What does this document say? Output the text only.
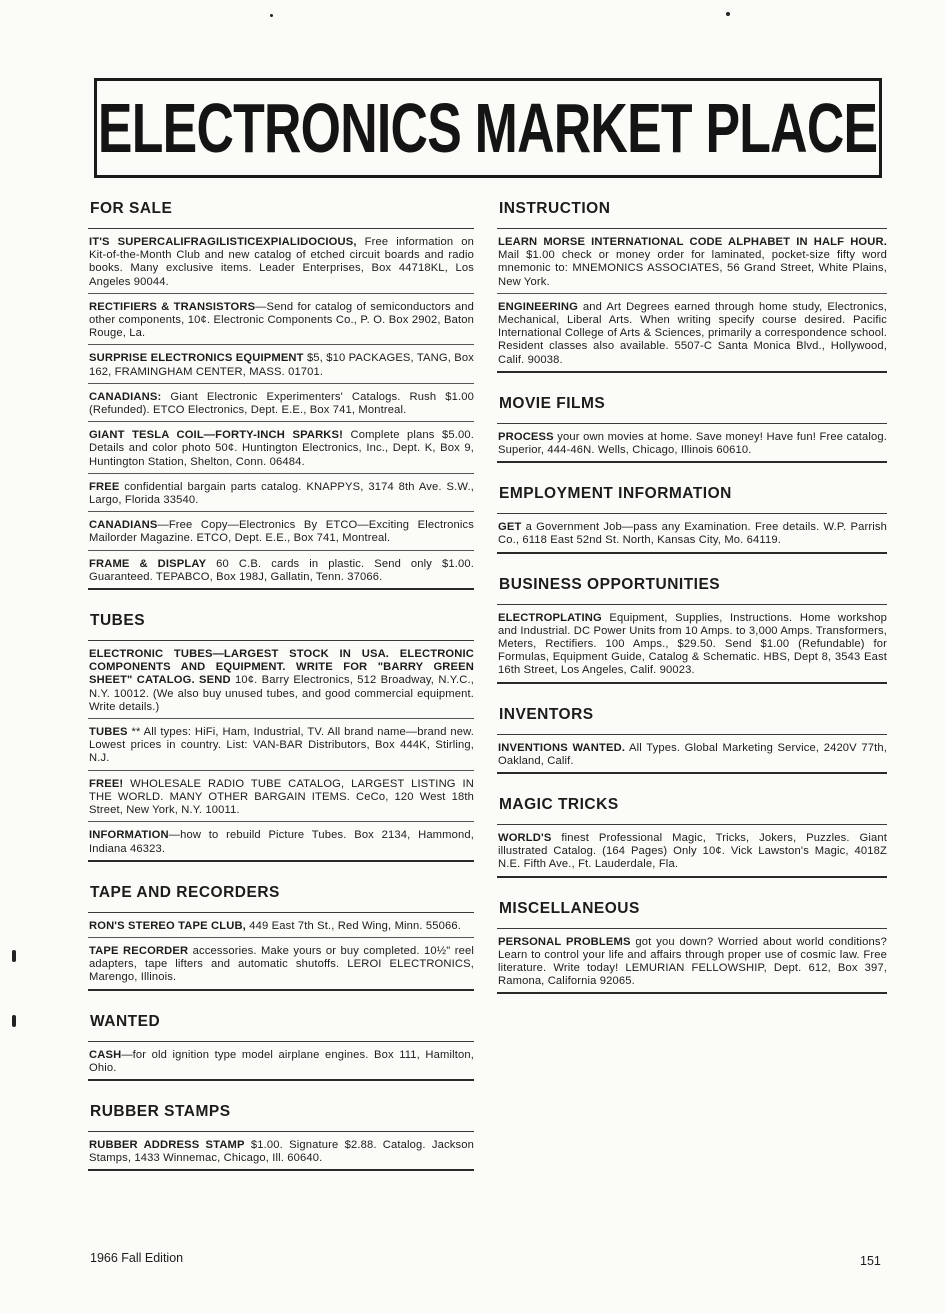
ELECTRONICS MARKET PLACE
FOR SALE
IT'S SUPERCALIFRAGILISTICEXPIALIDOCIOUS, Free information on Kit-of-the-Month Club and new catalog of etched circuit boards and radio books. Many exclusive items. Leader Enterprises, Box 44718KL, Los Angeles 90044.
RECTIFIERS & TRANSISTORS—Send for catalog of semiconductors and other components, 10¢. Electronic Components Co., P. O. Box 2902, Baton Rouge, La.
SURPRISE ELECTRONICS EQUIPMENT $5, $10 PACKAGES, TANG, Box 162, FRAMINGHAM CENTER, MASS. 01701.
CANADIANS: Giant Electronic Experimenters' Catalogs. Rush $1.00 (Refunded). ETCO Electronics, Dept. E.E., Box 741, Montreal.
GIANT TESLA COIL—FORTY-INCH SPARKS! Complete plans $5.00. Details and color photo 50¢. Huntington Electronics, Inc., Dept. K, Box 9, Huntington Station, Shelton, Conn. 06484.
FREE confidential bargain parts catalog. KNAPPYS, 3174 8th Ave. S.W., Largo, Florida 33540.
CANADIANS—Free Copy—Electronics By ETCO—Exciting Electronics Mailorder Magazine. ETCO, Dept. E.E., Box 741, Montreal.
FRAME & DISPLAY 60 C.B. cards in plastic. Send only $1.00. Guaranteed. TEPABCO, Box 198J, Gallatin, Tenn. 37066.
TUBES
ELECTRONIC TUBES—LARGEST STOCK IN USA. ELECTRONIC COMPONENTS AND EQUIPMENT. WRITE FOR "BARRY GREEN SHEET" CATALOG. SEND 10¢. Barry Electronics, 512 Broadway, N.Y.C., N.Y. 10012. (We also buy unused tubes, and good commercial equipment. Write details.)
TUBES ** All types: HiFi, Ham, Industrial, TV. All brand name—brand new. Lowest prices in country. List: VAN-BAR Distributors, Box 444K, Stirling, N.J.
FREE! WHOLESALE RADIO TUBE CATALOG, LARGEST LISTING IN THE WORLD. MANY OTHER BARGAIN ITEMS. CeCo, 120 West 18th Street, New York, N.Y. 10011.
INFORMATION—how to rebuild Picture Tubes. Box 2134, Hammond, Indiana 46323.
TAPE AND RECORDERS
RON'S STEREO TAPE CLUB, 449 East 7th St., Red Wing, Minn. 55066.
TAPE RECORDER accessories. Make yours or buy completed. 10½" reel adapters, tape lifters and automatic shutoffs. LEROI ELECTRONICS, Marengo, Illinois.
WANTED
CASH—for old ignition type model airplane engines. Box 111, Hamilton, Ohio.
RUBBER STAMPS
RUBBER ADDRESS STAMP $1.00. Signature $2.88. Catalog. Jackson Stamps, 1433 Winnemac, Chicago, Ill. 60640.
INSTRUCTION
LEARN MORSE INTERNATIONAL CODE ALPHABET IN HALF HOUR. Mail $1.00 check or money order for laminated, pocket-size fifty word mnemonic to: MNEMONICS ASSOCIATES, 56 Grand Street, White Plains, New York.
ENGINEERING and Art Degrees earned through home study, Electronics, Mechanical, Liberal Arts. When writing specify course desired. Pacific International College of Arts & Sciences, primarily a correspondence school. Resident classes also available. 5507-C Santa Monica Blvd., Hollywood, Calif. 90038.
MOVIE FILMS
PROCESS your own movies at home. Save money! Have fun! Free catalog. Superior, 444-46N. Wells, Chicago, Illinois 60610.
EMPLOYMENT INFORMATION
GET a Government Job—pass any Examination. Free details. W.P. Parrish Co., 6118 East 52nd St. North, Kansas City, Mo. 64119.
BUSINESS OPPORTUNITIES
ELECTROPLATING Equipment, Supplies, Instructions. Home workshop and Industrial. DC Power Units from 10 Amps. to 3,000 Amps. Transformers, Meters, Rectifiers. 100 Amps., $29.50. Send $1.00 (Refundable) for Formulas, Equipment Guide, Catalog & Schematic. HBS, Dept 8, 3543 East 16th Street, Los Angeles, Calif. 90023.
INVENTORS
INVENTIONS WANTED. All Types. Global Marketing Service, 2420V 77th, Oakland, Calif.
MAGIC TRICKS
WORLD'S finest Professional Magic, Tricks, Jokers, Puzzles. Giant illustrated Catalog. (164 Pages) Only 10¢. Vick Lawston's Magic, 4018Z N.E. Fifth Ave., Ft. Lauderdale, Fla.
MISCELLANEOUS
PERSONAL PROBLEMS got you down? Worried about world conditions? Learn to control your life and affairs through proper use of cosmic law. Free literature. Write today! LEMURIAN FELLOWSHIP, Dept. 612, Box 397, Ramona, California 92065.
1966 Fall Edition	151
